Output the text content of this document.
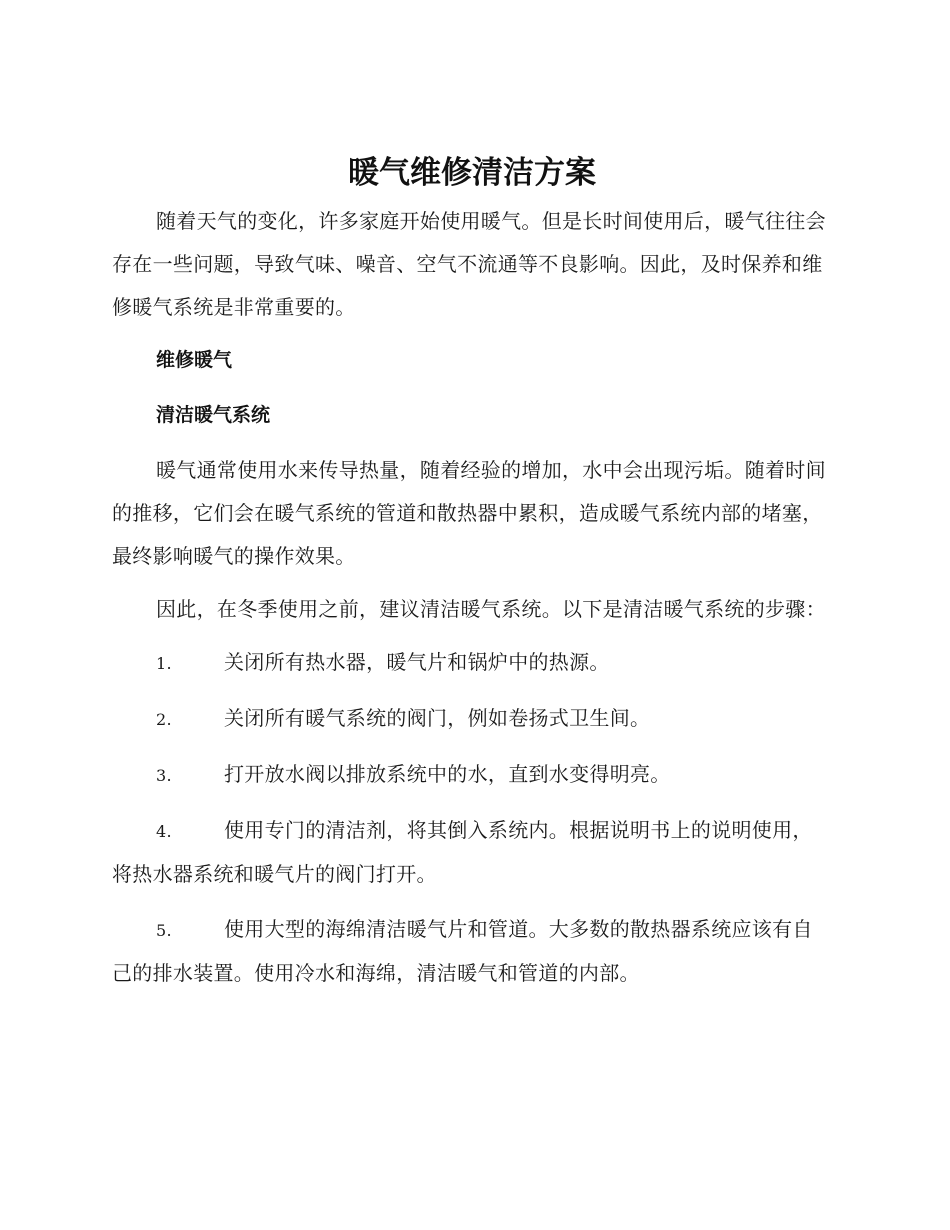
暖气维修清洁方案

随着天气的变化，许多家庭开始使用暖气。但是长时间使用后，暖气往往会存在一些问题，导致气味、噪音、空气不流通等不良影响。因此，及时保养和维修暖气系统是非常重要的。

维修暖气
清洁暖气系统

暖气通常使用水来传导热量，随着经验的增加，水中会出现污垢。随着时间的推移，它们会在暖气系统的管道和散热器中累积，造成暖气系统内部的堵塞，最终影响暖气的操作效果。

因此，在冬季使用之前，建议清洁暖气系统。以下是清洁暖气系统的步骤：

1.	关闭所有热水器，暖气片和锅炉中的热源。
2.	关闭所有暖气系统的阀门，例如卷扬式卫生间。
3.	打开放水阀以排放系统中的水，直到水变得明亮。
4.	使用专门的清洁剂，将其倒入系统内。根据说明书上的说明使用，将热水器系统和暖气片的阀门打开。
5.	使用大型的海绵清洁暖气片和管道。大多数的散热器系统应该有自己的排水装置。使用冷水和海绵，清洁暖气和管道的内部。
